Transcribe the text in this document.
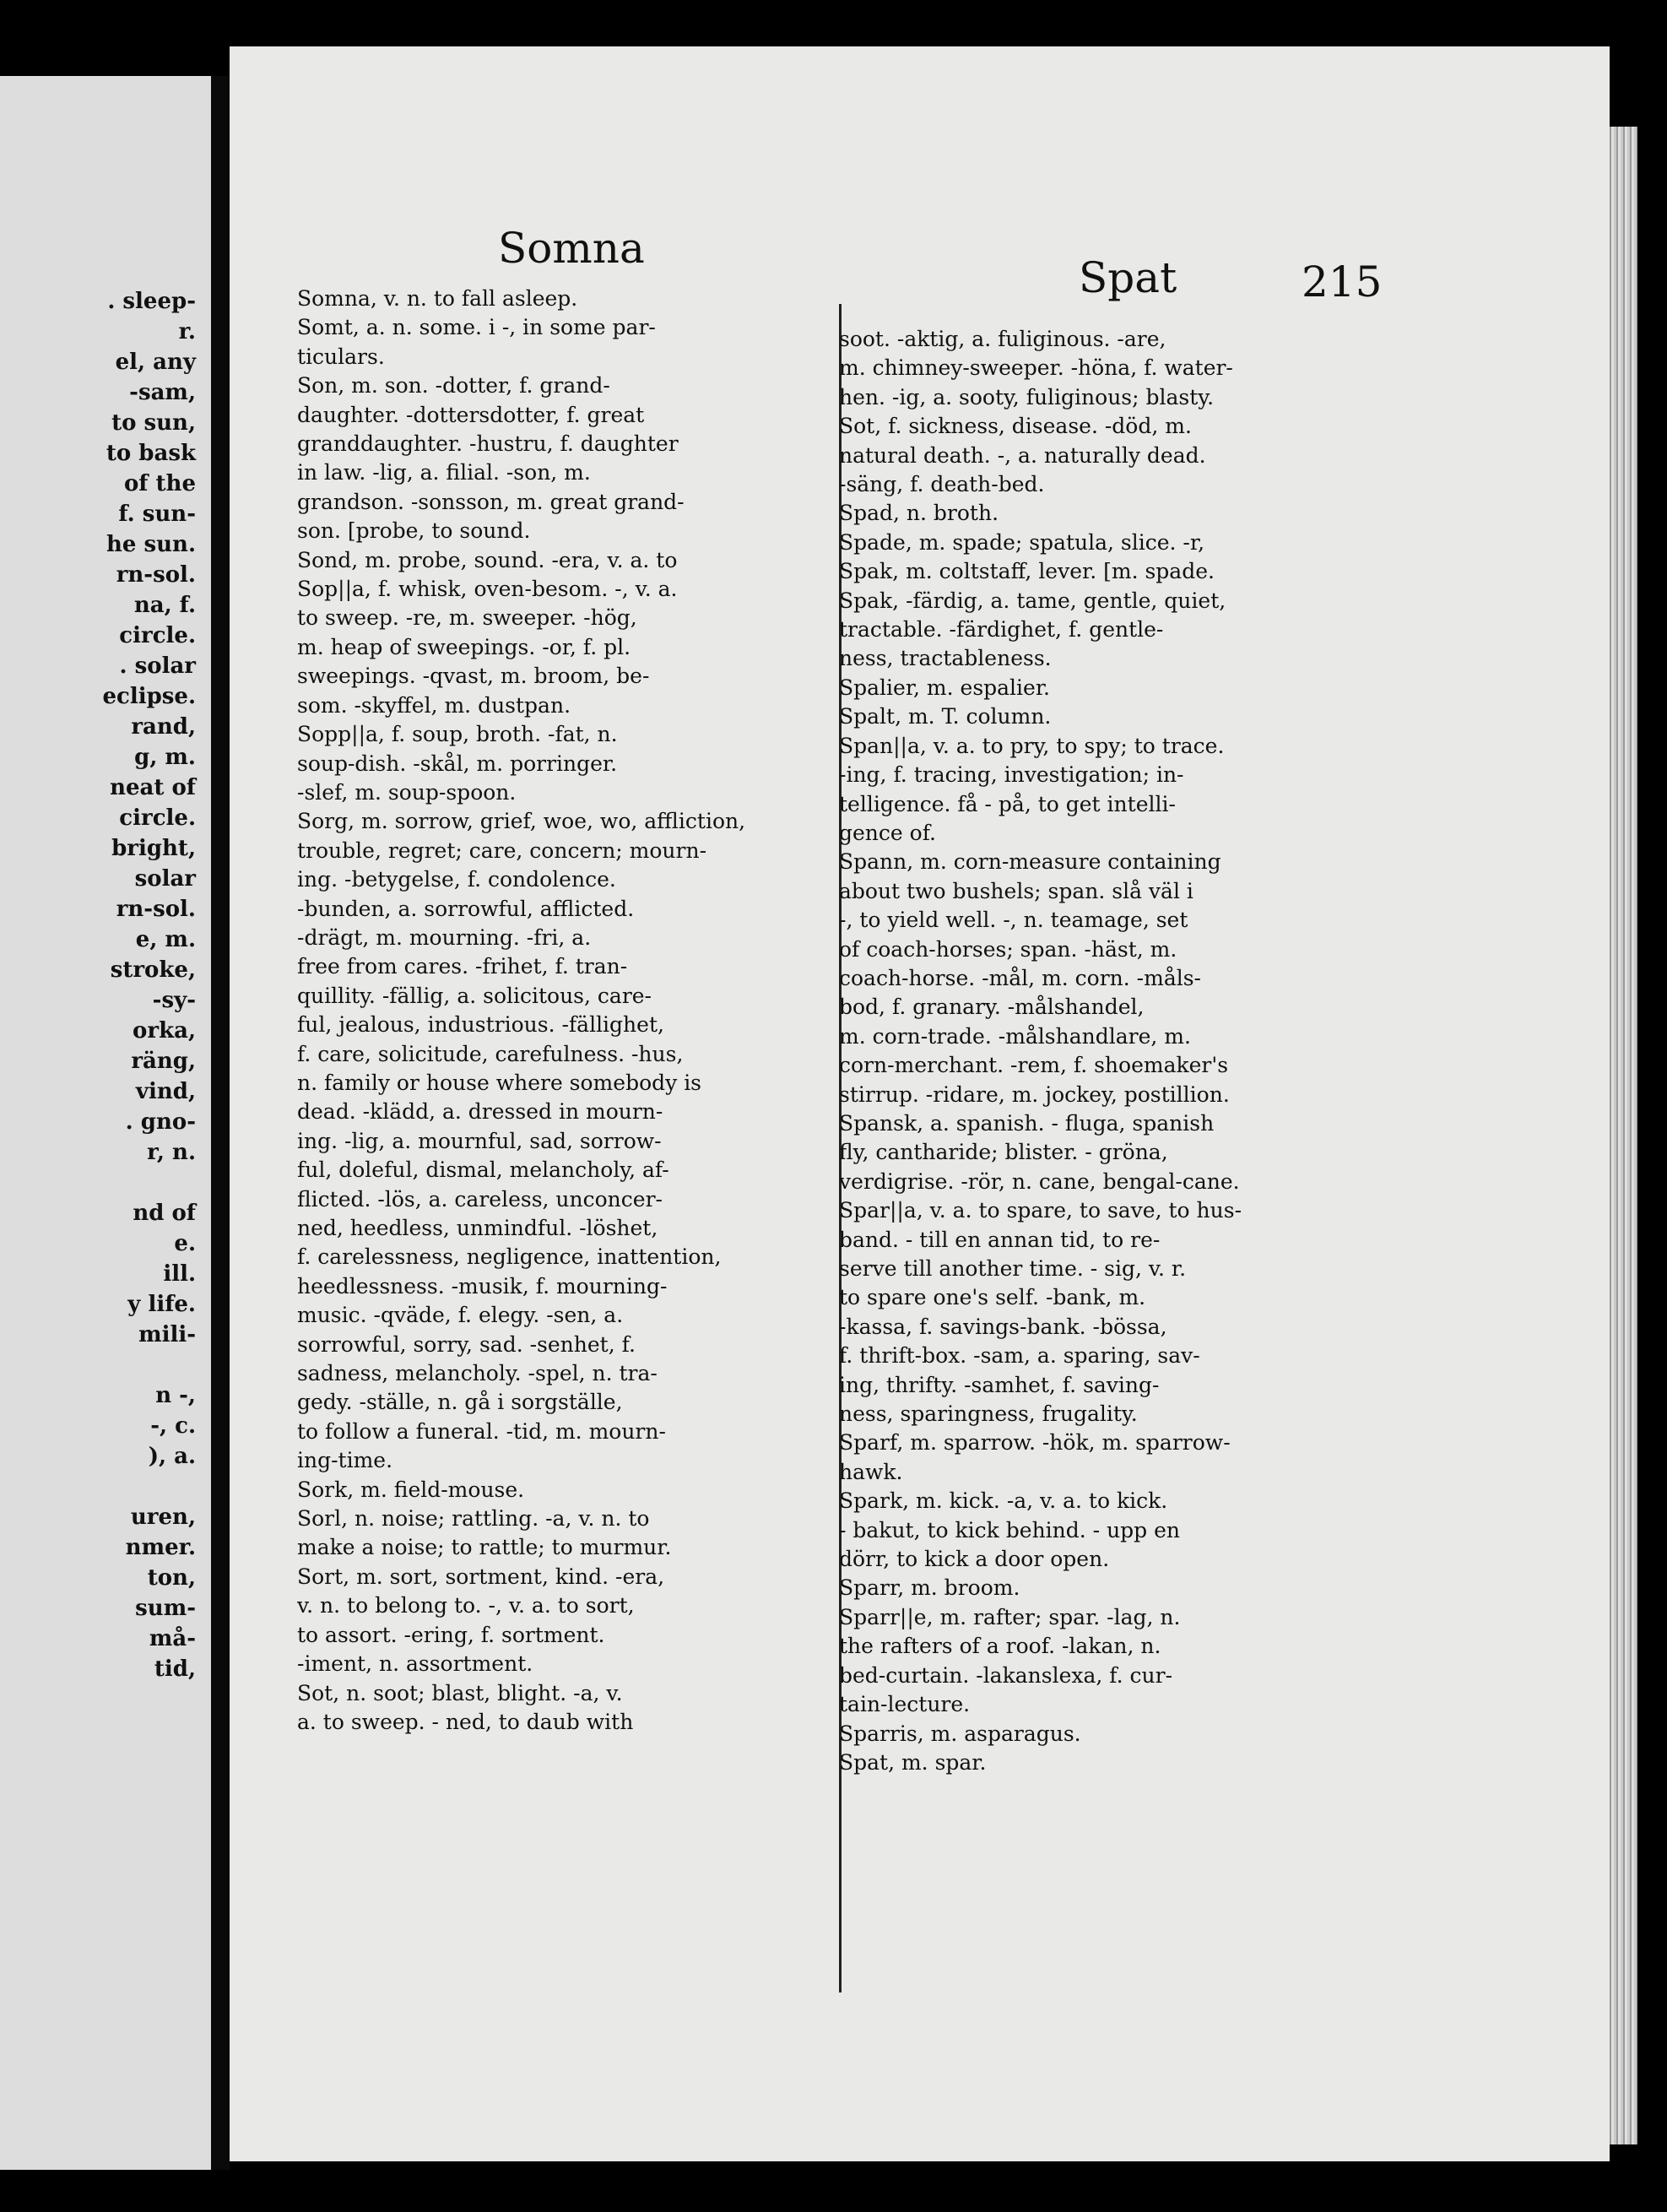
. sleep-
r.
el, any
-sam,
to sun,
to bask
of the
f. sun-
he sun.
rn-sol.
na, f.
circle.
. solar
eclipse.
rand,
g, m.
neat of
circle.
bright,
solar
rn-sol.
e, m.
stroke,
-sy-
orka,
räng,
vind,
. gno-
r, n.
nd of
e.
ill.
y life.
mili-
n -,
-, c.
), a.
uren,
nmer.
ton,
sum-
må-
tid,
Somna
Spat	215
Somna, v. n. to fall asleep.
Somt, a. n. some. i -, in some par-
ticulars.
Son, m. son. -dotter, f. grand-
daughter. -dottersdotter, f. great
granddaughter. -hustru, f. daughter
in law. -lig, a. filial. -son, m.
grandson. -sonsson, m. great grand-
son. [probe, to sound.
Sond, m. probe, sound. -era, v. a. to
Sop||a, f. whisk, oven-besom. -, v. a.
to sweep. -re, m. sweeper. -hög,
m. heap of sweepings. -or, f. pl.
sweepings. -qvast, m. broom, be-
som. -skyffel, m. dustpan.
Sopp||a, f. soup, broth. -fat, n.
soup-dish. -skål, m. porringer.
-slef, m. soup-spoon.
Sorg, m. sorrow, grief, woe, wo, affliction,
trouble, regret; care, concern; mourn-
ing. -betygelse, f. condolence.
-bunden, a. sorrowful, afflicted.
-drägt, m. mourning. -fri, a.
free from cares. -frihet, f. tran-
quillity. -fällig, a. solicitous, care-
ful, jealous, industrious. -fällighet,
f. care, solicitude, carefulness. -hus,
n. family or house where somebody is
dead. -klädd, a. dressed in mourn-
ing. -lig, a. mournful, sad, sorrow-
ful, doleful, dismal, melancholy, af-
flicted. -lös, a. careless, unconcer-
ned, heedless, unmindful. -löshet,
f. carelessness, negligence, inattention,
heedlessness. -musik, f. mourning-
music. -qväde, f. elegy. -sen, a.
sorrowful, sorry, sad. -senhet, f.
sadness, melancholy. -spel, n. tra-
gedy. -ställe, n. gå i sorgställe,
to follow a funeral. -tid, m. mourn-
ing-time.
Sork, m. field-mouse.
Sorl, n. noise; rattling. -a, v. n. to
make a noise; to rattle; to murmur.
Sort, m. sort, sortment, kind. -era,
v. n. to belong to. -, v. a. to sort,
to assort. -ering, f. sortment.
-iment, n. assortment.
Sot, n. soot; blast, blight. -a, v.
a. to sweep. - ned, to daub with
soot. -aktig, a. fuliginous. -are,
m. chimney-sweeper. -höna, f. water-
hen. -ig, a. sooty, fuliginous; blasty.
Sot, f. sickness, disease. -död, m.
natural death. -, a. naturally dead.
-säng, f. death-bed.
Spad, n. broth.
Spade, m. spade; spatula, slice. -r,
Spak, m. coltstaff, lever. [m. spade.
Spak, -färdig, a. tame, gentle, quiet,
tractable. -färdighet, f. gentle-
ness, tractableness.
Spalier, m. espalier.
Spalt, m. T. column.
Span||a, v. a. to pry, to spy; to trace.
-ing, f. tracing, investigation; in-
telligence. få - på, to get intelli-
gence of.
Spann, m. corn-measure containing
about two bushels; span. slå väl i
-, to yield well. -, n. teamage, set
of coach-horses; span. -häst, m.
coach-horse. -mål, m. corn. -måls-
bod, f. granary. -målshandel,
m. corn-trade. -målshandlare, m.
corn-merchant. -rem, f. shoemaker's
stirrup. -ridare, m. jockey, postillion.
Spansk, a. spanish. - fluga, spanish
fly, cantharide; blister. - gröna,
verdigrise. -rör, n. cane, bengal-cane.
Spar||a, v. a. to spare, to save, to hus-
band. - till en annan tid, to re-
serve till another time. - sig, v. r.
to spare one's self. -bank, m.
-kassa, f. savings-bank. -bössa,
f. thrift-box. -sam, a. sparing, sav-
ing, thrifty. -samhet, f. saving-
ness, sparingness, frugality.
Sparf, m. sparrow. -hök, m. sparrow-
hawk.
Spark, m. kick. -a, v. a. to kick.
- bakut, to kick behind. - upp en
dörr, to kick a door open.
Sparr, m. broom.
Sparr||e, m. rafter; spar. -lag, n.
the rafters of a roof. -lakan, n.
bed-curtain. -lakanslexa, f. cur-
tain-lecture.
Sparris, m. asparagus.
Spat, m. spar.
